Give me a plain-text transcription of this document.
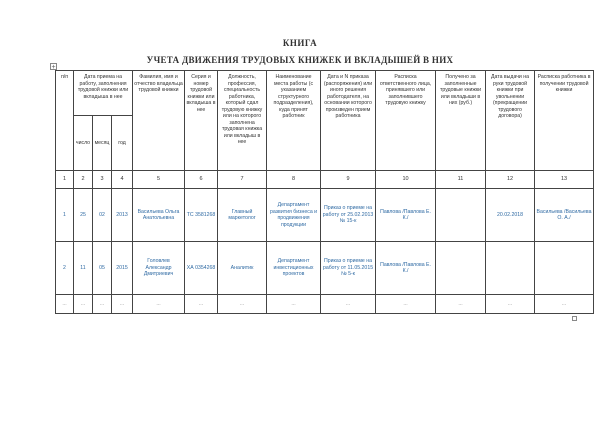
КНИГА
УЧЕТА ДВИЖЕНИЯ ТРУДОВЫХ КНИЖЕК И ВКЛАДЫШЕЙ В НИХ
+
п/п	Дата приема на работу, заполнения трудовой книжки или вкладыша в нее			Фамилия, имя и отчество владельца трудовой книжки	Серия и номер трудовой книжки или вкладыша в нее	Должность, профессия, специальность работника, который сдал трудовую книжку или на которого заполнена трудовая книжка или вкладыш в нее	Наименование места работы (с указанием структурного подразделения), куда принят работник	Дата и N приказа (распоряжения) или иного решения работодателя, на основании которого произведен прием работника	Расписка ответственного лица, принявшего или заполнившего трудовую книжку	Получено за заполненные трудовые книжки или вкладыши в них (руб.)	Дата выдачи на руки трудовой книжки при увольнении (прекращении трудового договора)	Расписка работника в получении трудовой книжки
	число	месяц	год									
1	2	3	4	5	6	7	8	9	10	11	12	13
1	25	02	2013	Васильева Ольга Анатольевна	ТС 3581268	Главный маркетолог	Департамент развития бизнеса и продвижения продукции	Приказ о приеме на работу от 25.02.2013 № 15-к	Павлова /Павлова Е. К./		20.02.2018	Васильева /Васильева О. А./
2	11	05	2015	Головлев Александр Дмитриевич	ХА 0354268	Аналитик	Департамент инвестиционных проектов	Приказ о приеме на работу от 11.05.2015 № 5-к	Павлова /Павлова Е. К./			
...	...	...	...	...	...	...	...	...	...	...	...	...
